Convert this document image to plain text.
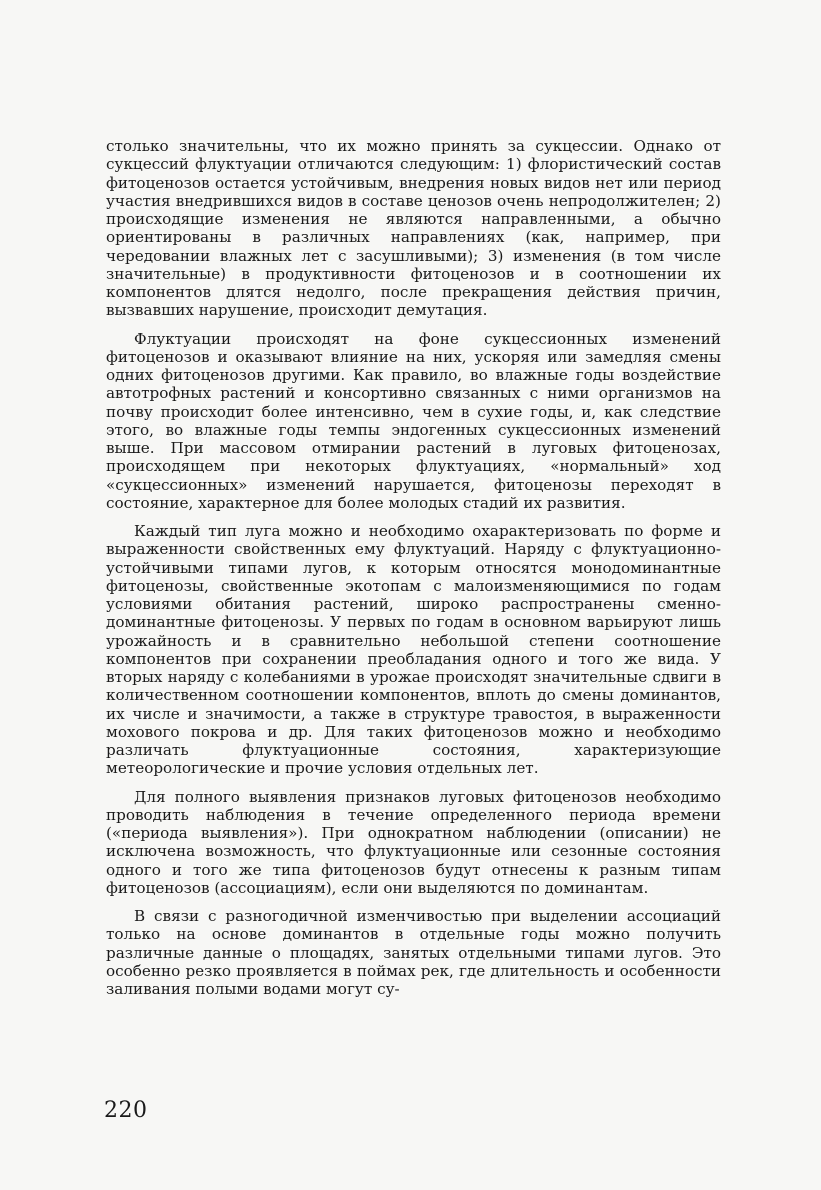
столько значительны, что их можно принять за сукцессии. Однако от сукцессий флуктуации отличаются следующим: 1) флористический состав фитоценозов остается устойчивым, внедрения новых видов нет или период участия внедрившихся видов в составе ценозов очень непродолжителен; 2) происходящие изменения не являются направленными, а обычно ориентированы в различных направлениях (как, например, при чередовании влажных лет с засушливыми); 3) изменения (в том числе значительные) в продуктивности фитоценозов и в соотношении их компонентов длятся недолго, после прекращения действия причин, вызвавших нарушение, происходит демутация.

Флуктуации происходят на фоне сукцессионных изменений фитоценозов и оказывают влияние на них, ускоряя или замедляя смены одних фитоценозов другими. Как правило, во влажные годы воздействие автотрофных растений и консортивно связанных с ними организмов на почву происходит более интенсивно, чем в сухие годы, и, как следствие этого, во влажные годы темпы эндогенных сукцессионных изменений выше. При массовом отмирании растений в луговых фитоценозах, происходящем при некоторых флуктуациях, «нормальный» ход «сукцессионных» изменений нарушается, фитоценозы переходят в состояние, характерное для более молодых стадий их развития.

Каждый тип луга можно и необходимо охарактеризовать по форме и выраженности свойственных ему флуктуаций. Наряду с флуктуационно-устойчивыми типами лугов, к которым относятся монодоминантные фитоценозы, свойственные экотопам с малоизменяющимися по годам условиями обитания растений, широко распространены сменно-доминантные фитоценозы. У первых по годам в основном варьируют лишь урожайность и в сравнительно небольшой степени соотношение компонентов при сохранении преобладания одного и того же вида. У вторых наряду с колебаниями в урожае происходят значительные сдвиги в количественном соотношении компонентов, вплоть до смены доминантов, их числе и значимости, а также в структуре травостоя, в выраженности мохового покрова и др. Для таких фитоценозов можно и необходимо различать флуктуационные состояния, характеризующие метеорологические и прочие условия отдельных лет.

Для полного выявления признаков луговых фитоценозов необходимо проводить наблюдения в течение определенного периода времени («периода выявления»). При однократном наблюдении (описании) не исключена возможность, что флуктуационные или сезонные состояния одного и того же типа фитоценозов будут отнесены к разным типам фитоценозов (ассоциациям), если они выделяются по доминантам.

В связи с разногодичной изменчивостью при выделении ассоциаций только на основе доминантов в отдельные годы можно получить различные данные о площадях, занятых отдельными типами лугов. Это особенно резко проявляется в поймах рек, где длительность и особенности заливания полыми водами могут су-

220
